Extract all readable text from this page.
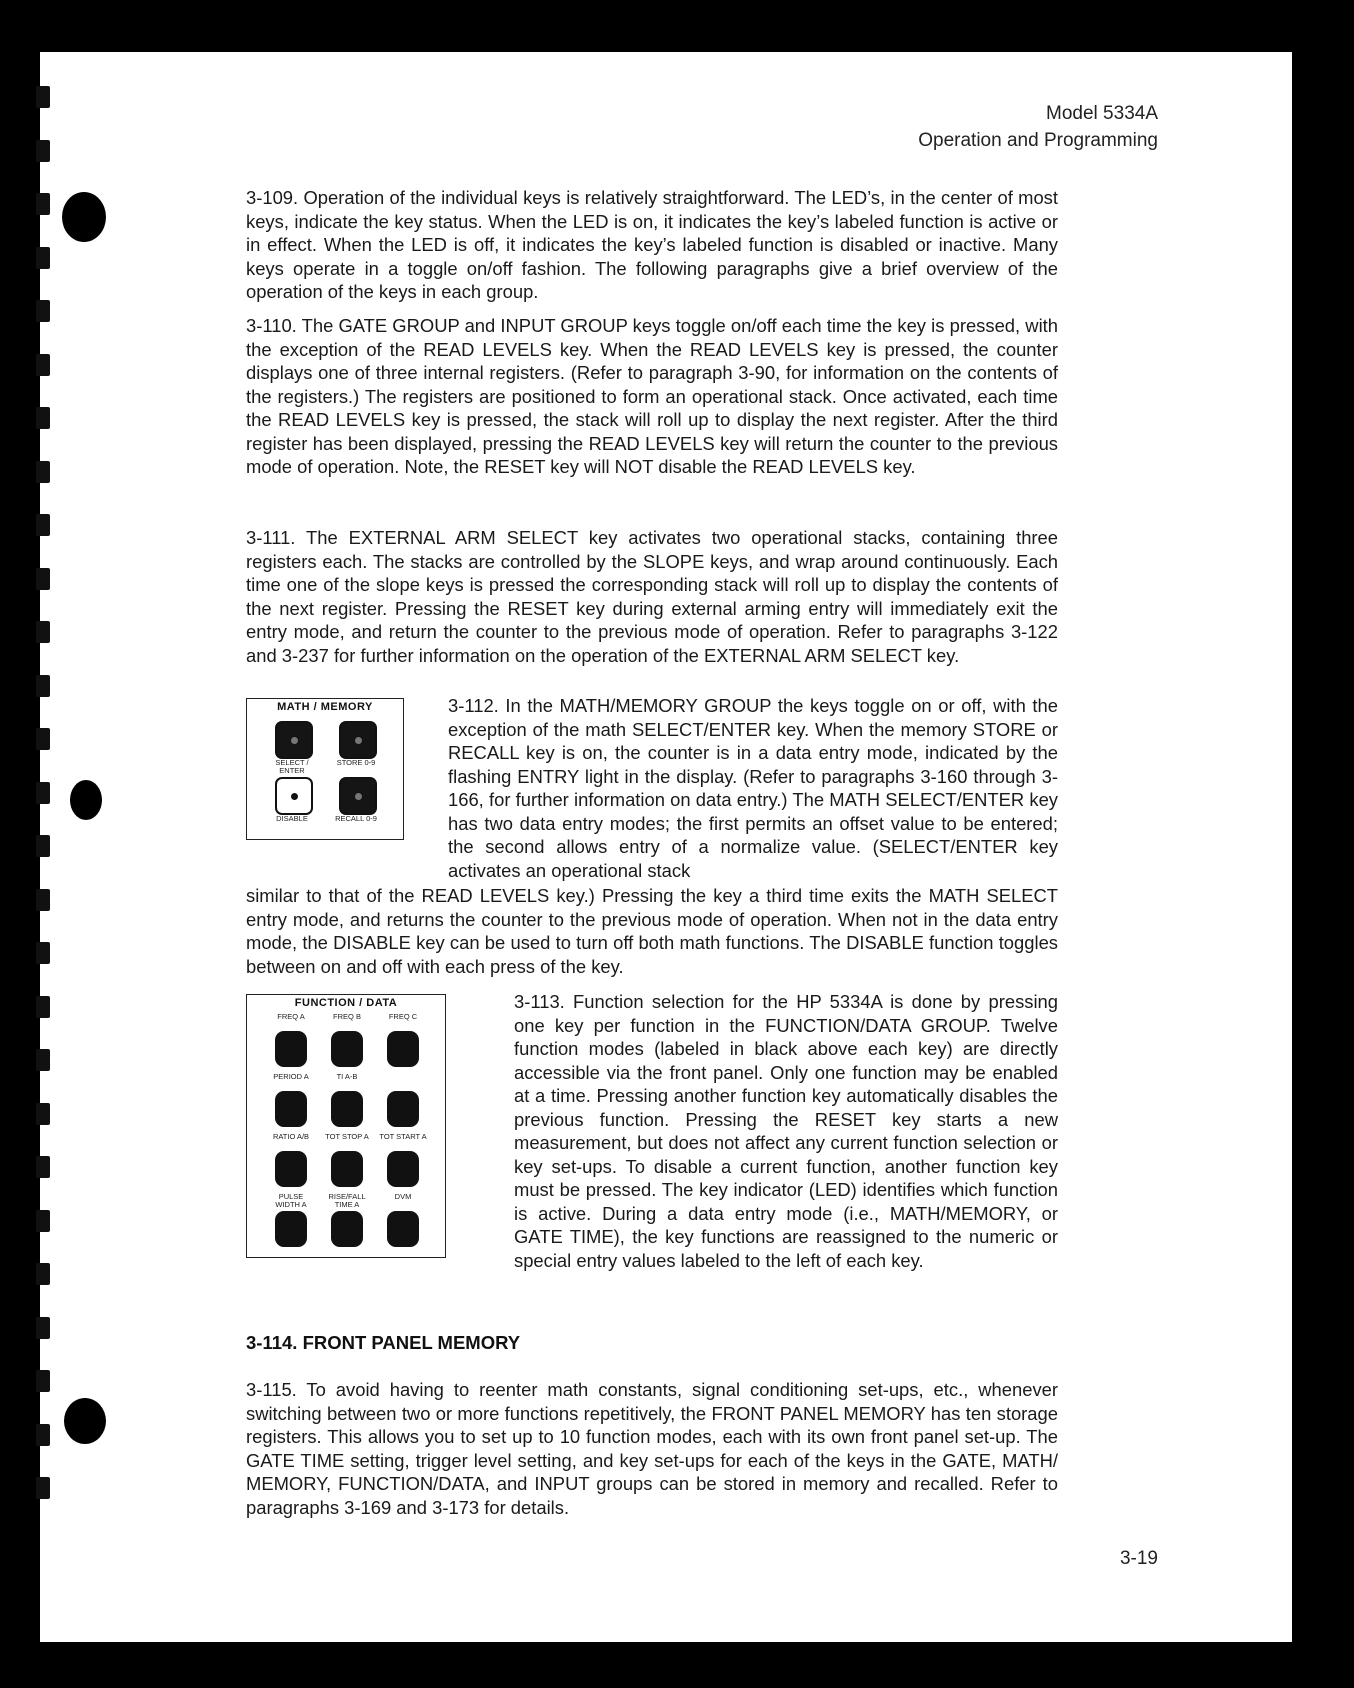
Model 5334A
Operation and Programming

3-109. Operation of the individual keys is relatively straightforward. The LED’s, in the center of most keys, indicate the key status. When the LED is on, it indicates the key’s labeled function is active or in effect. When the LED is off, it indicates the key’s labeled function is disabled or inactive. Many keys operate in a toggle on/off fashion. The following paragraphs give a brief overview of the operation of the keys in each group.

3-110. The GATE GROUP and INPUT GROUP keys toggle on/off each time the key is pressed, with the exception of the READ LEVELS key. When the READ LEVELS key is pressed, the counter displays one of three internal registers. (Refer to paragraph 3-90, for information on the contents of the registers.) The registers are positioned to form an operational stack. Once activated, each time the READ LEVELS key is pressed, the stack will roll up to display the next register. After the third register has been displayed, pressing the READ LEVELS key will return the counter to the previous mode of operation. Note, the RESET key will NOT disable the READ LEVELS key.

3-111. The EXTERNAL ARM SELECT key activates two operational stacks, containing three registers each. The stacks are controlled by the SLOPE keys, and wrap around continuously. Each time one of the slope keys is pressed the corresponding stack will roll up to display the contents of the next register. Pressing the RESET key during external arming entry will immediately exit the entry mode, and return the counter to the previous mode of operation. Refer to paragraphs 3-122 and 3-237 for further information on the operation of the EXTERNAL ARM SELECT key.

MATH / MEMORY
SELECT / ENTER
STORE 0-9
DISABLE	RECALL 0-9

3-112. In the MATH/MEMORY GROUP the keys toggle on or off, with the exception of the math SELECT/ENTER key. When the memory STORE or RECALL key is on, the counter is in a data entry mode, indicated by the flashing ENTRY light in the display. (Refer to paragraphs 3-160 through 3-166, for further information on data entry.) The MATH SELECT/ENTER key has two data entry modes; the first permits an offset value to be entered; the second allows entry of a normalize value. (SELECT/ENTER key activates an operational stack

similar to that of the READ LEVELS key.) Pressing the key a third time exits the MATH SELECT entry mode, and returns the counter to the previous mode of operation. When not in the data entry mode, the DISABLE key can be used to turn off both math functions. The DISABLE function toggles between on and off with each press of the key.

FUNCTION / DATA
FREQ A	FREQ B	FREQ C
PERIOD A	TI A-B
RATIO A/B	TOT STOP A	TOT START A
PULSE WIDTH A
RISE/FALL TIME A
DVM

3-113. Function selection for the HP 5334A is done by pressing one key per function in the FUNCTION/DATA GROUP. Twelve function modes (labeled in black above each key) are directly accessible via the front panel. Only one function may be enabled at a time. Pressing another function key automatically disables the previous function. Pressing the RESET key starts a new measurement, but does not affect any current function selection or key set-ups. To disable a current function, another function key must be pressed. The key indicator (LED) identifies which function is active. During a data entry mode (i.e., MATH/MEMORY, or GATE TIME), the key functions are reassigned to the numeric or special entry values labeled to the left of each key.

3-114. FRONT PANEL MEMORY

3-115. To avoid having to reenter math constants, signal conditioning set-ups, etc., whenever switching between two or more functions repetitively, the FRONT PANEL MEMORY has ten storage registers. This allows you to set up to 10 function modes, each with its own front panel set-up. The GATE TIME setting, trigger level setting, and key set-ups for each of the keys in the GATE, MATH/ MEMORY, FUNCTION/DATA, and INPUT groups can be stored in memory and recalled. Refer to paragraphs 3-169 and 3-173 for details.

3-19
